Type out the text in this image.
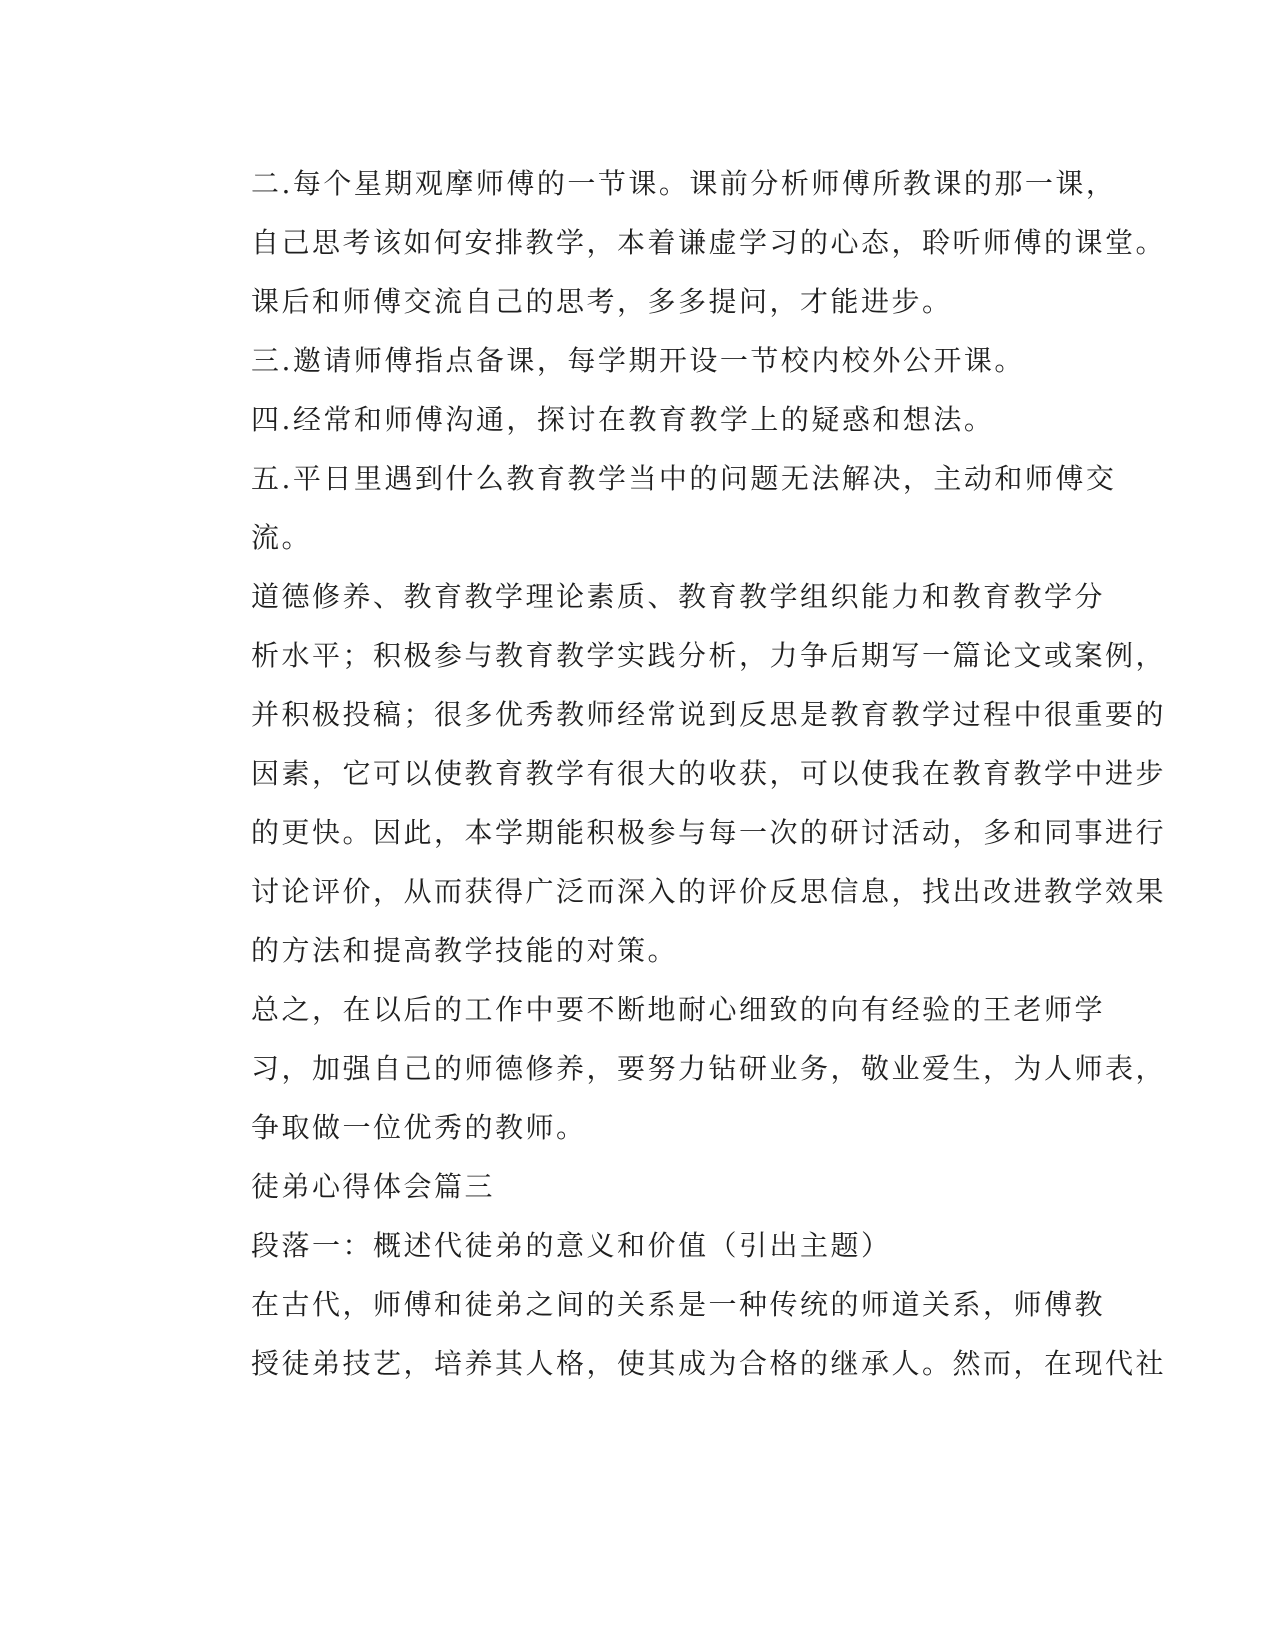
二.每个星期观摩师傅的一节课。课前分析师傅所教课的那一课，
自己思考该如何安排教学，本着谦虚学习的心态，聆听师傅的课堂。
课后和师傅交流自己的思考，多多提问，才能进步。

三.邀请师傅指点备课，每学期开设一节校内校外公开课。

四.经常和师傅沟通，探讨在教育教学上的疑惑和想法。

五.平日里遇到什么教育教学当中的问题无法解决，主动和师傅交
流。

道德修养、教育教学理论素质、教育教学组织能力和教育教学分
析水平；积极参与教育教学实践分析，力争后期写一篇论文或案例，
并积极投稿；很多优秀教师经常说到反思是教育教学过程中很重要的
因素，它可以使教育教学有很大的收获，可以使我在教育教学中进步
的更快。因此，本学期能积极参与每一次的研讨活动，多和同事进行
讨论评价，从而获得广泛而深入的评价反思信息，找出改进教学效果
的方法和提高教学技能的对策。

总之，在以后的工作中要不断地耐心细致的向有经验的王老师学
习，加强自己的师德修养，要努力钻研业务，敬业爱生，为人师表，
争取做一位优秀的教师。

徒弟心得体会篇三

段落一：概述代徒弟的意义和价值（引出主题）

在古代，师傅和徒弟之间的关系是一种传统的师道关系，师傅教
授徒弟技艺，培养其人格，使其成为合格的继承人。然而，在现代社
